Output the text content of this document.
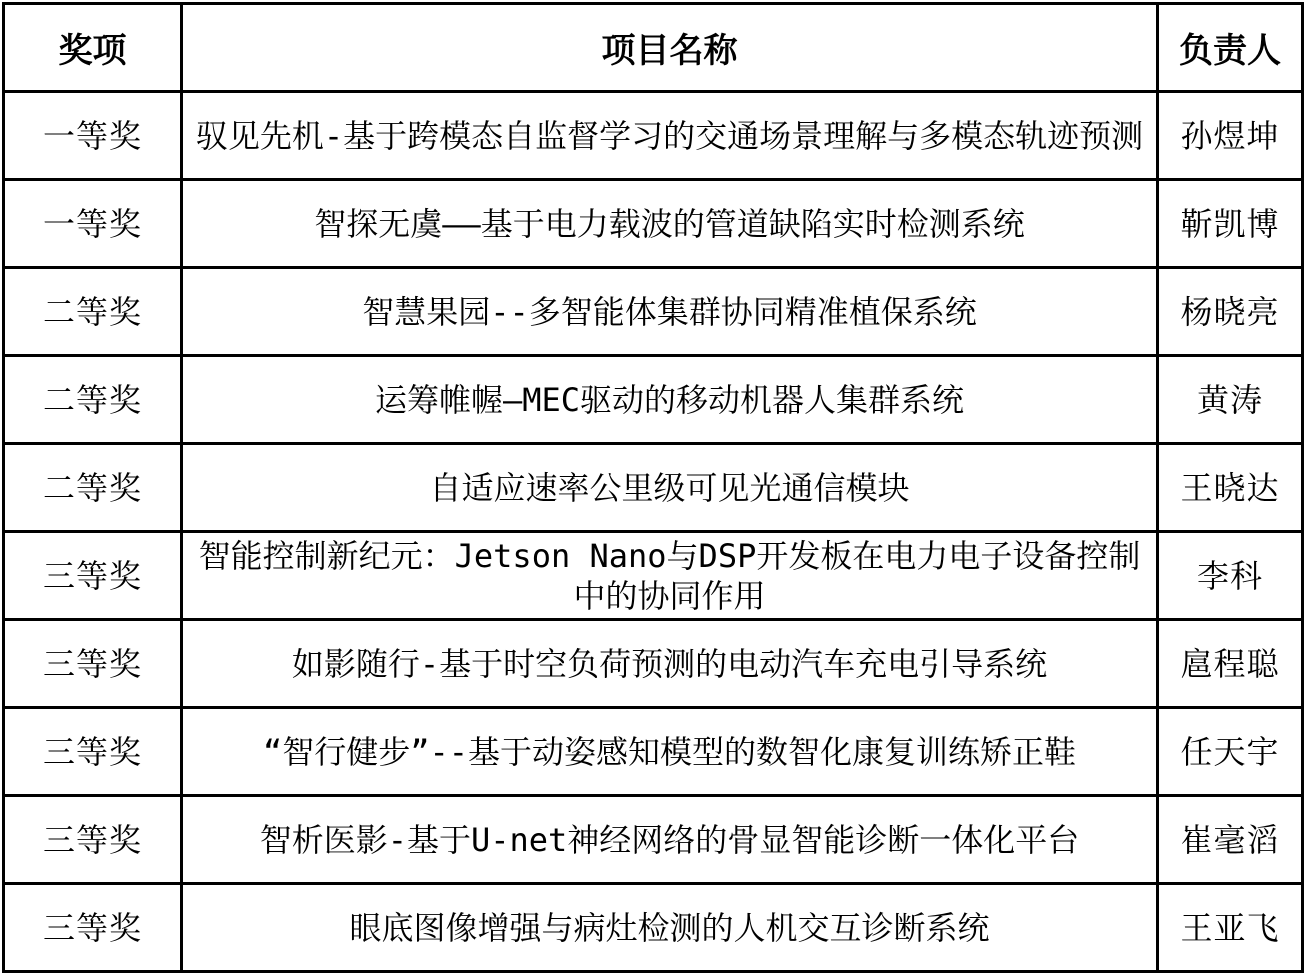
奖项	项目名称	负责人
一等奖	驭见先机-基于跨模态自监督学习的交通场景理解与多模态轨迹预测	孙煜坤
一等奖	智探无虞——基于电力载波的管道缺陷实时检测系统	靳凯博
二等奖	智慧果园--多智能体集群协同精准植保系统	杨晓亮
二等奖	运筹帷幄—MEC驱动的移动机器人集群系统	黄涛
二等奖	自适应速率公里级可见光通信模块	王晓达
三等奖	智能控制新纪元：Jetson Nano与DSP开发板在电力电子设备控制中的协同作用	李科
三等奖	如影随行-基于时空负荷预测的电动汽车充电引导系统	扈程聪
三等奖	“智行健步”--基于动姿感知模型的数智化康复训练矫正鞋	任天宇
三等奖	智析医影-基于U-net神经网络的骨显智能诊断一体化平台	崔毫滔
三等奖	眼底图像增强与病灶检测的人机交互诊断系统	王亚飞
